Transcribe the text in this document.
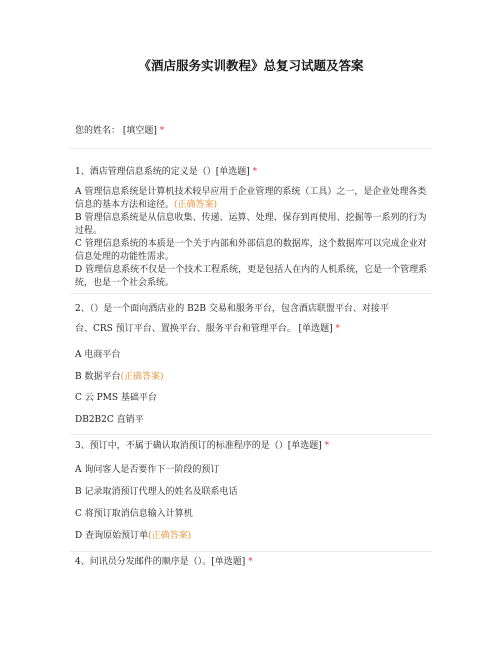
《酒店服务实训教程》总复习试题及答案
您的姓名： [填空题] *
1、酒店管理信息系统的定义是（）[单选题] *
A 管理信息系统是计算机技术较早应用于企业管理的系统（工具）之一，是企业处理各类信息的基本方法和途径。(正确答案)
B 管理信息系统是从信息收集、传递、运算、处理、保存到再使用、挖掘等一系列的行为过程。
C 管理信息系统的本质是一个关于内部和外部信息的数据库，这个数据库可以完成企业对信息处理的功能性需求。
D 管理信息系统不仅是一个技术工程系统，更是包括人在内的人机系统，它是一个管理系统，也是一个社会系统。
2、（）是一个面向酒店业的 B2B 交易和服务平台，包含酒店联盟平台、对接平
台、CRS 预订平台、置换平台、服务平台和管理平台。 [单选题] *
A 电商平台
B 数据平台(正确答案)
C 云 PMS 基础平台
DB2B2C 直销平
3、预订中，不属于确认取消预订的标准程序的是（）[单选题] *
A 询问客人是否要作下一阶段的预订
B 记录取消预订代理人的姓名及联系电话
C 将预订取消信息输入计算机
D 查询原始预订单(正确答案)
4、问讯员分发邮件的顺序是（）。[单选题] *
